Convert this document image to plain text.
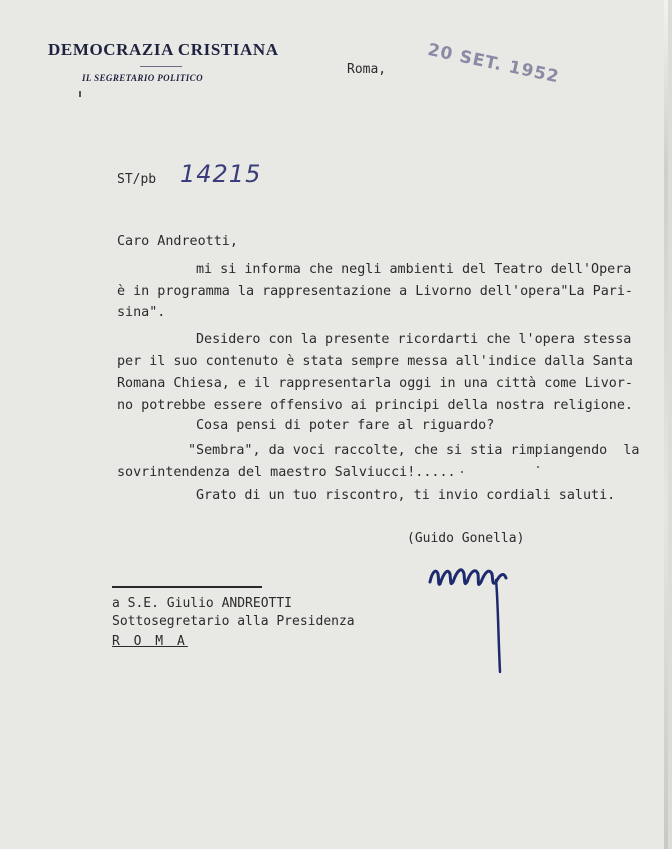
DEMOCRAZIA CRISTIANA
IL SEGRETARIO POLITICO
Roma, 20 SET. 1952
ST/pb 14215
Caro Andreotti,
mi si informa che negli ambienti del Teatro dell'Opera
è in programma la rappresentazione a Livorno dell'opera"La Pari-
sina".
Desidero con la presente ricordarti che l'opera stessa
per il suo contenuto è stata sempre messa all'indice dalla Santa
Romana Chiesa, e il rappresentarla oggi in una città come Livor-
no potrebbe essere offensivo ai principi della nostra religione.
Cosa pensi di poter fare al riguardo?
"Sembra", da voci raccolte, che si stia rimpiangendo  la
sovrintendenza del maestro Salviucci!.....
Grato di un tuo riscontro, ti invio cordiali saluti.
(Guido Gonella)
a S.E. Giulio ANDREOTTI
Sottosegretario alla Presidenza
R O M A
